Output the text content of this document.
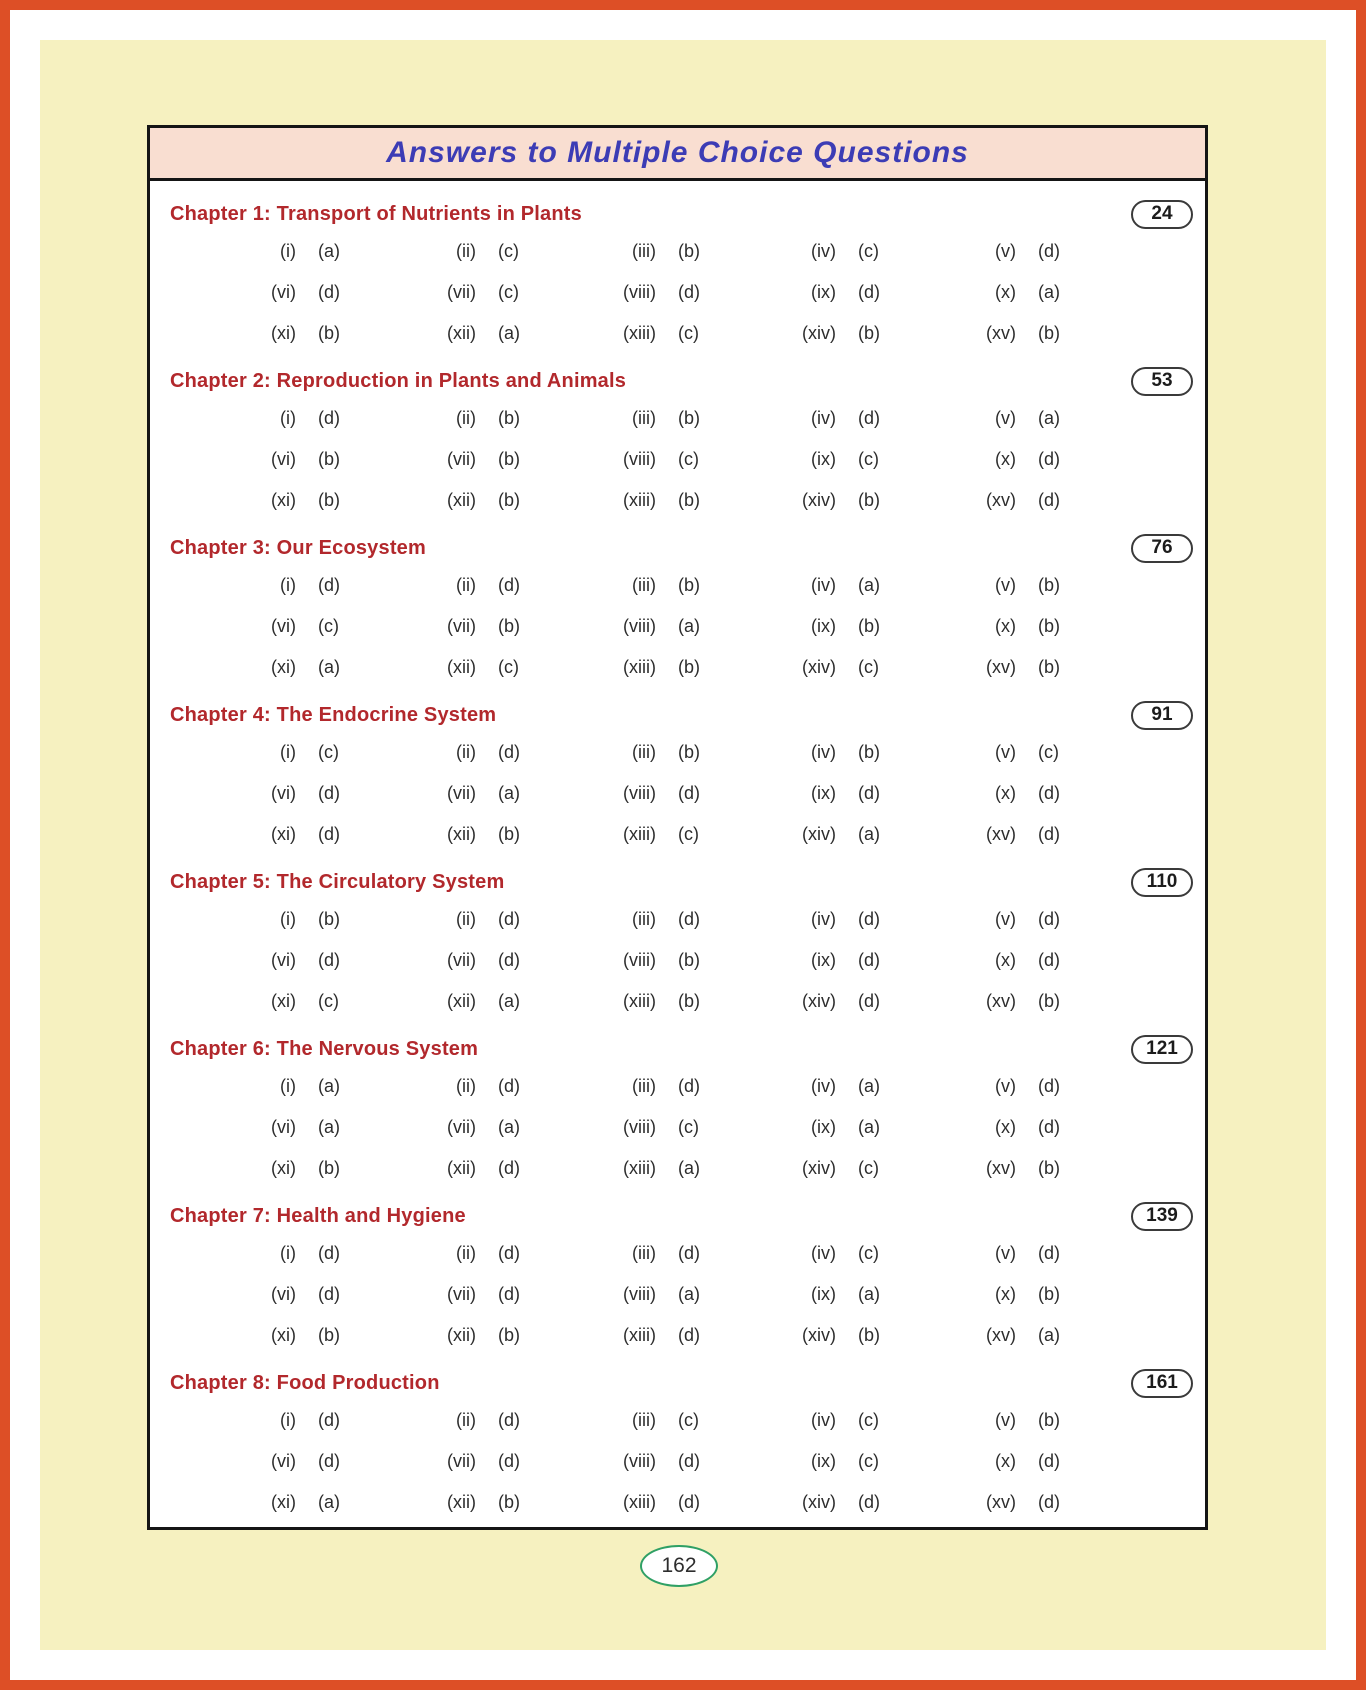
Answers to Multiple Choice Questions
Chapter 1: Transport of Nutrients in Plants	24
(i) (a)	(ii) (c)	(iii) (b)	(iv) (c)	(v) (d)
(vi) (d)	(vii) (c)	(viii) (d)	(ix) (d)	(x) (a)
(xi) (b)	(xii) (a)	(xiii) (c)	(xiv) (b)	(xv) (b)
Chapter 2: Reproduction in Plants and Animals	53
(i) (d)	(ii) (b)	(iii) (b)	(iv) (d)	(v) (a)
(vi) (b)	(vii) (b)	(viii) (c)	(ix) (c)	(x) (d)
(xi) (b)	(xii) (b)	(xiii) (b)	(xiv) (b)	(xv) (d)
Chapter 3: Our Ecosystem	76
(i) (d)	(ii) (d)	(iii) (b)	(iv) (a)	(v) (b)
(vi) (c)	(vii) (b)	(viii) (a)	(ix) (b)	(x) (b)
(xi) (a)	(xii) (c)	(xiii) (b)	(xiv) (c)	(xv) (b)
Chapter 4: The Endocrine System	91
(i) (c)	(ii) (d)	(iii) (b)	(iv) (b)	(v) (c)
(vi) (d)	(vii) (a)	(viii) (d)	(ix) (d)	(x) (d)
(xi) (d)	(xii) (b)	(xiii) (c)	(xiv) (a)	(xv) (d)
Chapter 5: The Circulatory System	110
(i) (b)	(ii) (d)	(iii) (d)	(iv) (d)	(v) (d)
(vi) (d)	(vii) (d)	(viii) (b)	(ix) (d)	(x) (d)
(xi) (c)	(xii) (a)	(xiii) (b)	(xiv) (d)	(xv) (b)
Chapter 6: The Nervous System	121
(i) (a)	(ii) (d)	(iii) (d)	(iv) (a)	(v) (d)
(vi) (a)	(vii) (a)	(viii) (c)	(ix) (a)	(x) (d)
(xi) (b)	(xii) (d)	(xiii) (a)	(xiv) (c)	(xv) (b)
Chapter 7: Health and Hygiene	139
(i) (d)	(ii) (d)	(iii) (d)	(iv) (c)	(v) (d)
(vi) (d)	(vii) (d)	(viii) (a)	(ix) (a)	(x) (b)
(xi) (b)	(xii) (b)	(xiii) (d)	(xiv) (b)	(xv) (a)
Chapter 8: Food Production	161
(i) (d)	(ii) (d)	(iii) (c)	(iv) (c)	(v) (b)
(vi) (d)	(vii) (d)	(viii) (d)	(ix) (c)	(x) (d)
(xi) (a)	(xii) (b)	(xiii) (d)	(xiv) (d)	(xv) (d)
162
